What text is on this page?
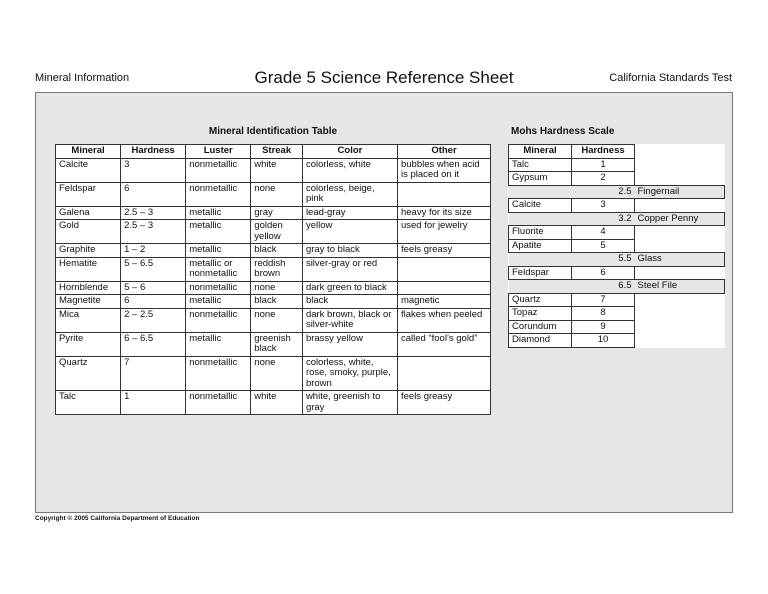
Mineral Information	Grade 5 Science Reference Sheet	California Standards Test
Mineral Identification Table
Mineral	Hardness	Luster	Streak	Color	Other
Calcite	3	nonmetallic	white	colorless, white	bubbles when acid is placed on it
Feldspar	6	nonmetallic	none	colorless, beige, pink	
Galena	2.5 – 3	metallic	gray	lead-gray	heavy for its size
Gold	2.5 – 3	metallic	golden yellow	yellow	used for jewelry
Graphite	1 – 2	metallic	black	gray to black	feels greasy
Hematite	5 – 6.5	metallic or nonmetallic	reddish brown	silver-gray or red	
Hornblende	5 – 6	nonmetallic	none	dark green to black	
Magnetite	6	metallic	black	black	magnetic
Mica	2 – 2.5	nonmetallic	none	dark brown, black or silver-white	flakes when peeled
Pyrite	6 – 6.5	metallic	greenish black	brassy yellow	called “fool’s gold”
Quartz	7	nonmetallic	none	colorless, white, rose, smoky, purple, brown	
Talc	1	nonmetallic	white	white, greenish to gray	feels greasy
Mohs Hardness Scale
Mineral	Hardness	
Talc	1	
Gypsum	2	
2.5		Fingernail
Calcite	3	
3.2		Copper Penny
Fluorite	4	
Apatite	5	
5.5		Glass
Feldspar	6	
6.5		Steel File
Quartz	7	
Topaz	8	
Corundum	9	
Diamond	10	
Copyright © 2005 California Department of Education
